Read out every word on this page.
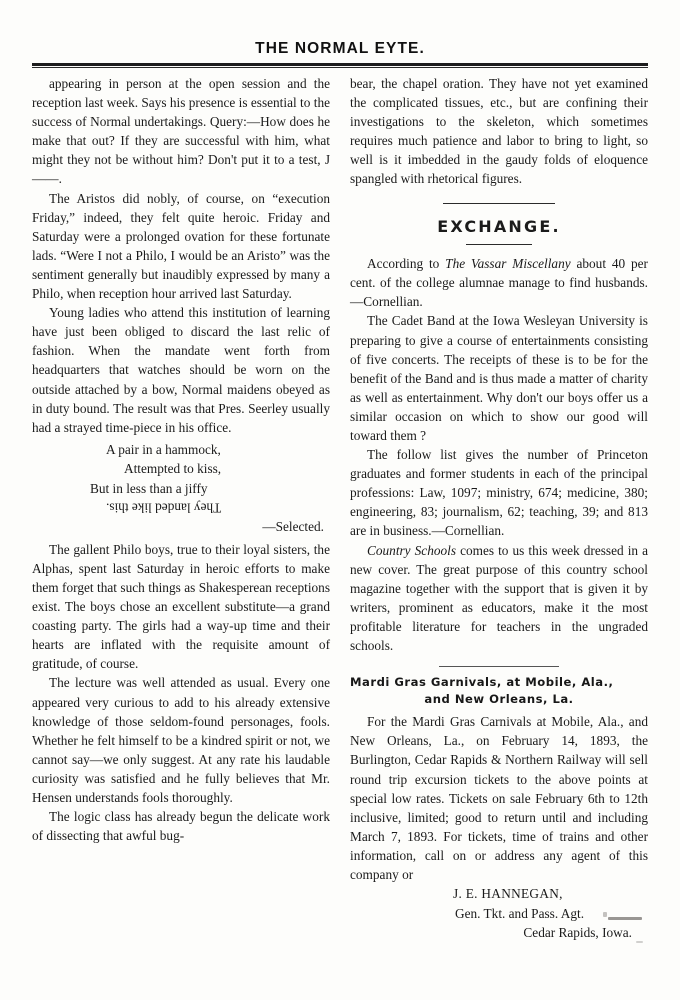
THE NORMAL EYTE.

appearing in person at the open session and the reception last week. Says his presence is essential to the success of Normal undertakings. Query:—How does he make that out? If they are successful with him, what might they not be without him? Don't put it to a test, J——.

The Aristos did nobly, of course, on “execution Friday,” indeed, they felt quite heroic. Friday and Saturday were a prolonged ovation for these fortunate lads. “Were I not a Philo, I would be an Aristo” was the sentiment generally but inaudibly expressed by many a Philo, when reception hour arrived last Saturday.

Young ladies who attend this institution of learning have just been obliged to discard the last relic of fashion. When the mandate went forth from headquarters that watches should be worn on the outside attached by a bow, Normal maidens obeyed as in duty bound. The result was that Pres. Seerley usually had a strayed time-piece in his office.

A pair in a hammock,
Attempted to kiss,
But in less than a jiffy
They landed like this.
—Selected.

The gallent Philo boys, true to their loyal sisters, the Alphas, spent last Saturday in heroic efforts to make them forget that such things as Shakesperean receptions exist. The boys chose an excellent substitute—a grand coasting party. The girls had a way-up time and their hearts are inflated with the requisite amount of gratitude, of course.

The lecture was well attended as usual. Every one appeared very curious to add to his already extensive knowledge of those seldom-found personages, fools. Whether he felt himself to be a kindred spirit or not, we cannot say—we only suggest. At any rate his laudable curiosity was satisfied and he fully believes that Mr. Hensen understands fools thoroughly.

The logic class has already begun the delicate work of dissecting that awful bug-

bear, the chapel oration. They have not yet examined the complicated tissues, etc., but are confining their investigations to the skeleton, which sometimes requires much patience and labor to bring to light, so well is it imbedded in the gaudy folds of eloquence spangled with rhetorical figures.

EXCHANGE.

According to The Vassar Miscellany about 40 per cent. of the college alumnae manage to find husbands.—Cornellian.

The Cadet Band at the Iowa Wesleyan University is preparing to give a course of entertainments consisting of five concerts. The receipts of these is to be for the benefit of the Band and is thus made a matter of charity as well as entertainment. Why don't our boys offer us a similar occasion on which to show our good will toward them ?

The follow list gives the number of Princeton graduates and former students in each of the principal professions: Law, 1097; ministry, 674; medicine, 380; engineering, 83; journalism, 62; teaching, 39; and 813 are in business.—Cornellian.

Country Schools comes to us this week dressed in a new cover. The great purpose of this country school magazine together with the support that is given it by writers, prominent as educators, make it the most profitable literature for teachers in the ungraded schools.

Mardi Gras Garnivals, at Mobile, Ala.,
and New Orleans, La.

For the Mardi Gras Carnivals at Mobile, Ala., and New Orleans, La., on February 14, 1893, the Burlington, Cedar Rapids & Northern Railway will sell round trip excursion tickets to the above points at special low rates. Tickets on sale February 6th to 12th inclusive, limited; good to return until and including March 7, 1893. For tickets, time of trains and other information, call on or address any agent of this company or

J. E. HANNEGAN,
Gen. Tkt. and Pass. Agt.
Cedar Rapids, Iowa.
